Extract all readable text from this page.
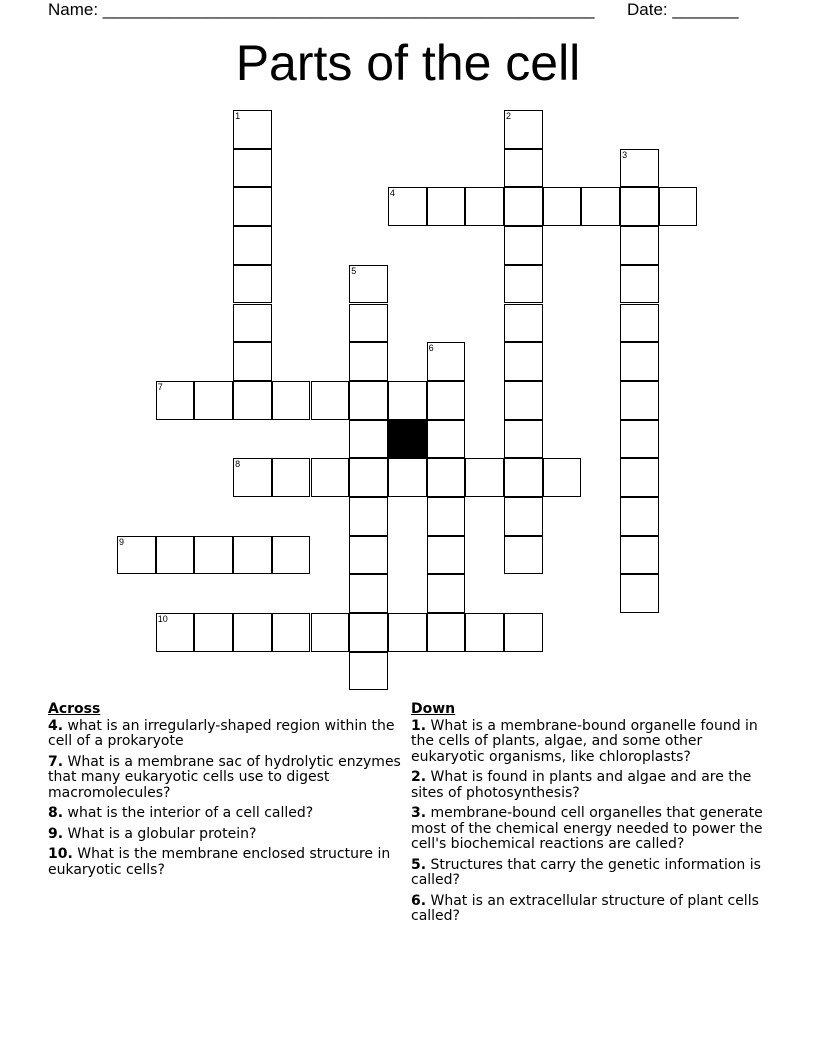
Name: ____________________________________________________ Date: _______
Parts of the cell
1	2
3
4
5
6
7
8
9
10
Across
4. what is an irregularly-shaped region within the cell of a prokaryote
7. What is a membrane sac of hydrolytic enzymes that many eukaryotic cells use to digest macromolecules?
8. what is the interior of a cell called?
9. What is a globular protein?
10. What is the membrane enclosed structure in eukaryotic cells?
Down
1. What is a membrane-bound organelle found in the cells of plants, algae, and some other eukaryotic organisms, like chloroplasts?
2. What is found in plants and algae and are the sites of photosynthesis?
3. membrane-bound cell organelles that generate most of the chemical energy needed to power the cell's biochemical reactions are called?
5. Structures that carry the genetic information is called?
6. What is an extracellular structure of plant cells called?
